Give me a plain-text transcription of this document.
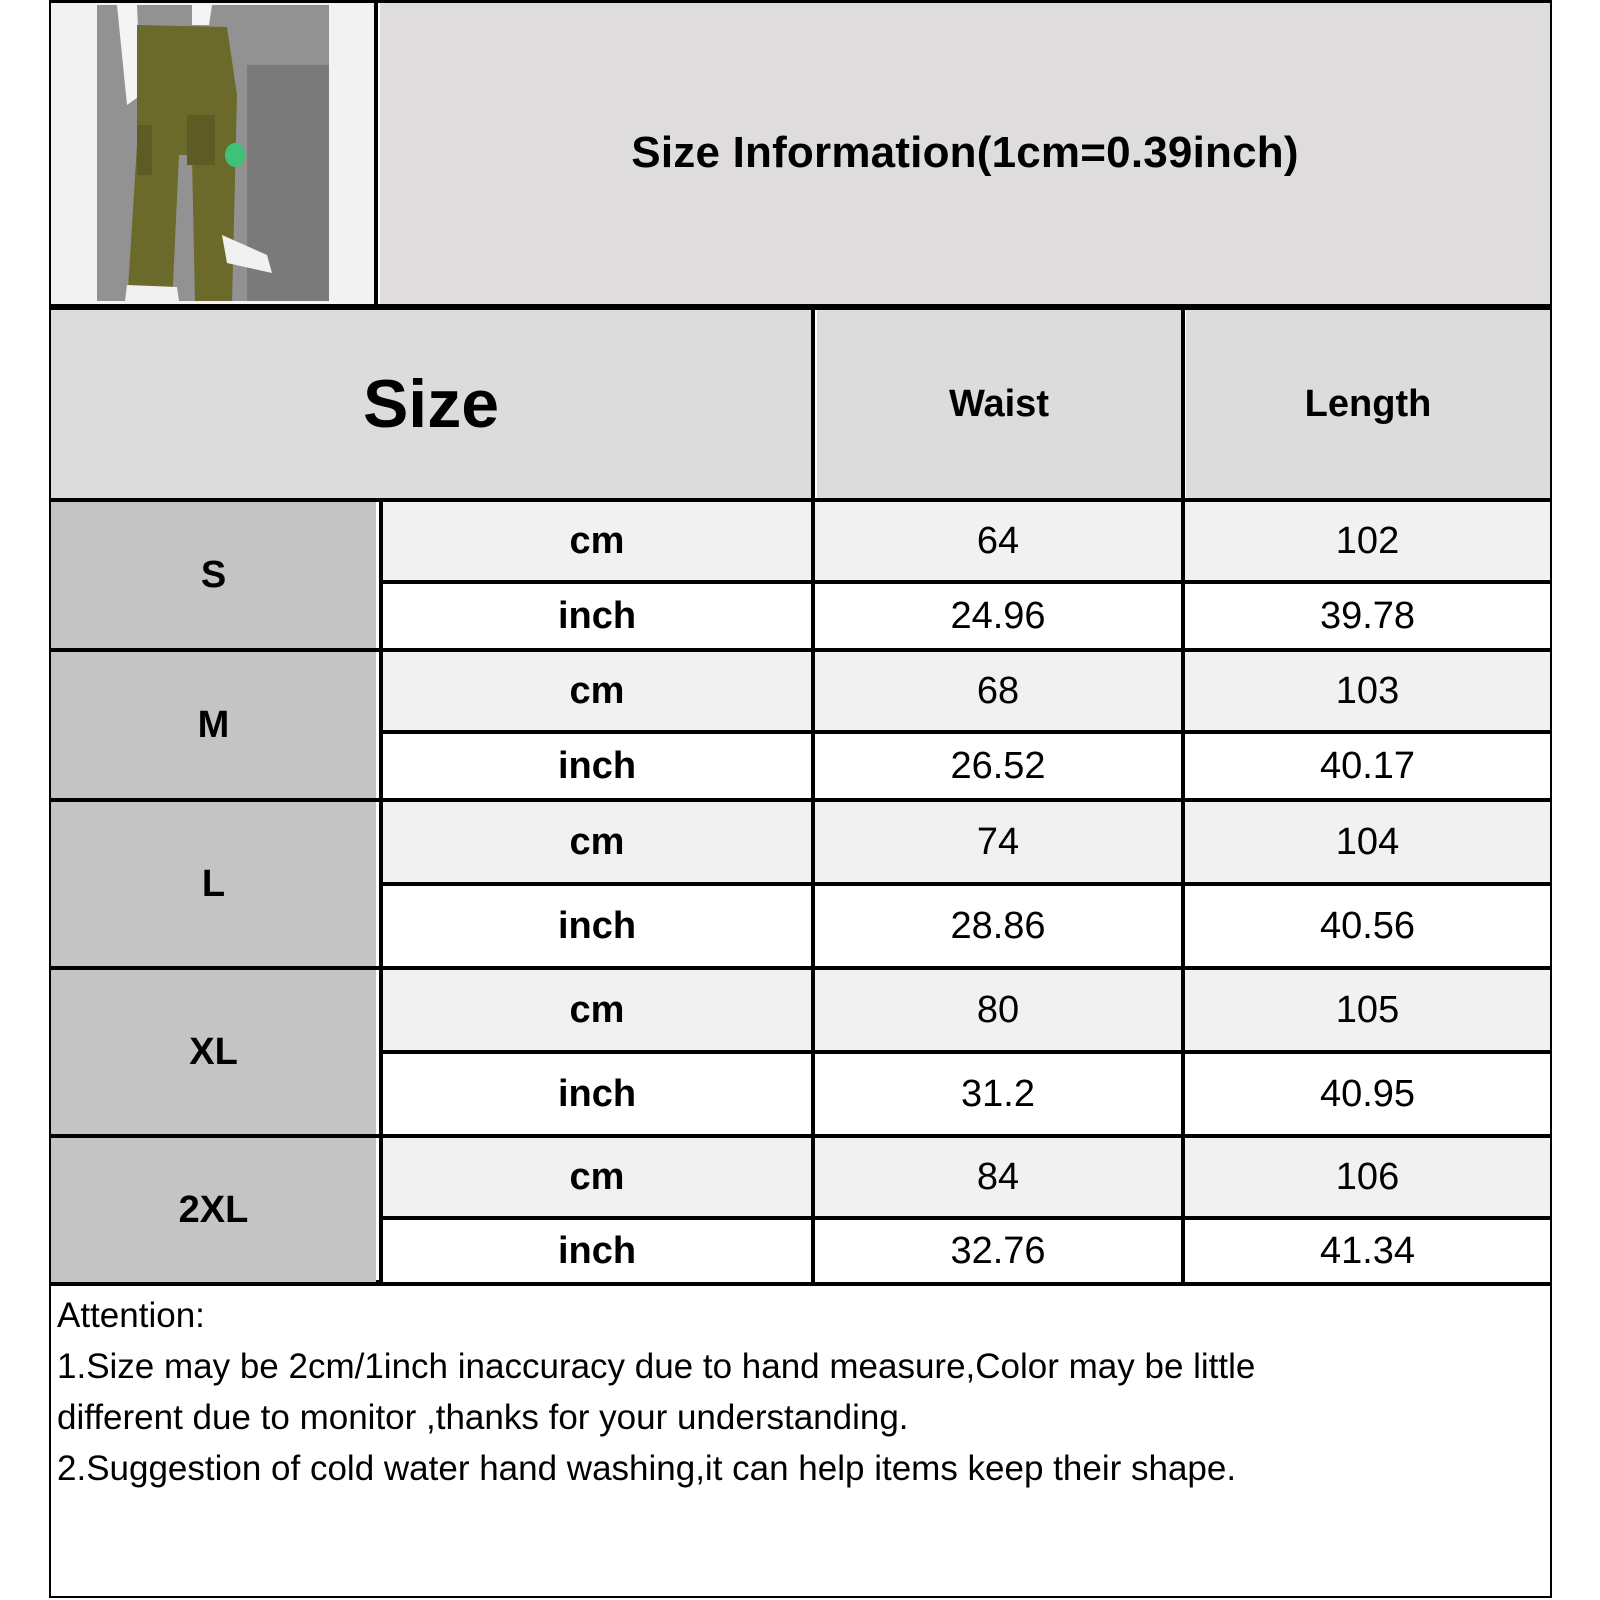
Size Information(1cm=0.39inch)
Size	Waist	Length
S
cm	64	102
inch	24.96	39.78
M
cm	68	103
inch	26.52	40.17
L
cm	74	104
inch	28.86	40.56
XL
cm	80	105
inch	31.2	40.95
2XL
cm	84	106
inch	32.76	41.34
Attention:
1.Size may be 2cm/1inch inaccuracy due to hand measure,Color may be little
different due to monitor ,thanks for your understanding.
2.Suggestion of cold water hand washing,it can help items keep their shape.
